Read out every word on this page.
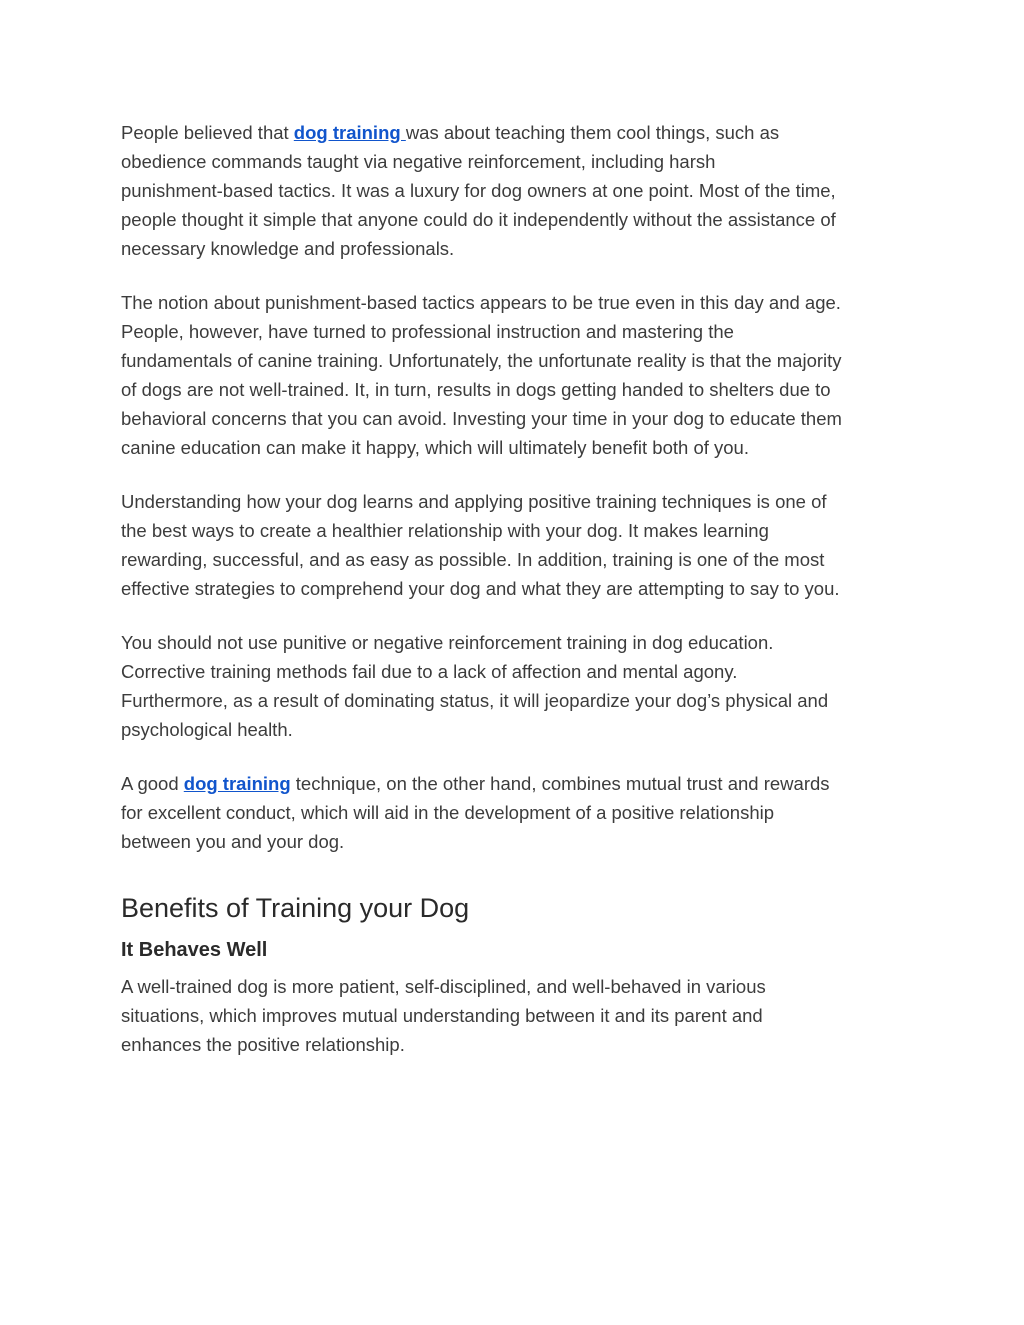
People believed that dog training was about teaching them cool things, such as
obedience commands taught via negative reinforcement, including harsh
punishment-based tactics. It was a luxury for dog owners at one point. Most of the time,
people thought it simple that anyone could do it independently without the assistance of
necessary knowledge and professionals.

The notion about punishment-based tactics appears to be true even in this day and age.
People, however, have turned to professional instruction and mastering the
fundamentals of canine training. Unfortunately, the unfortunate reality is that the majority
of dogs are not well-trained. It, in turn, results in dogs getting handed to shelters due to
behavioral concerns that you can avoid. Investing your time in your dog to educate them
canine education can make it happy, which will ultimately benefit both of you.

Understanding how your dog learns and applying positive training techniques is one of
the best ways to create a healthier relationship with your dog. It makes learning
rewarding, successful, and as easy as possible. In addition, training is one of the most
effective strategies to comprehend your dog and what they are attempting to say to you.

You should not use punitive or negative reinforcement training in dog education.
Corrective training methods fail due to a lack of affection and mental agony.
Furthermore, as a result of dominating status, it will jeopardize your dog’s physical and
psychological health.

A good dog training technique, on the other hand, combines mutual trust and rewards
for excellent conduct, which will aid in the development of a positive relationship
between you and your dog.

Benefits of Training your Dog
It Behaves Well

A well-trained dog is more patient, self-disciplined, and well-behaved in various
situations, which improves mutual understanding between it and its parent and
enhances the positive relationship.
